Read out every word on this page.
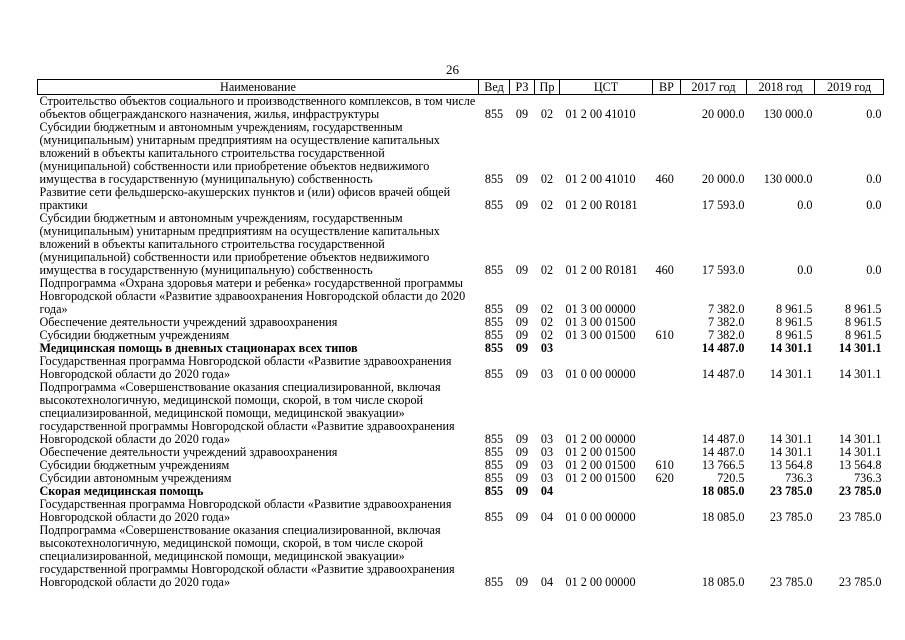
26
Наименование	Вед	РЗ	Пр	ЦСТ	ВР	2017 год	2018 год	2019 год
Строительство объектов социального и производственного комплексов, в том числе объектов общегражданского назначения, жилья, инфраструктуры	855	09	02	01 2 00 41010		20 000.0	130 000.0	0.0
Субсидии бюджетным и автономным учреждениям, государственным (муниципальным) унитарным предприятиям на осуществление капитальных вложений в объекты капитального строительства государственной (муниципальной) собственности или приобретение объектов недвижимого имущества в государственную (муниципальную) собственность	855	09	02	01 2 00 41010	460	20 000.0	130 000.0	0.0
Развитие сети фельдшерско-акушерских пунктов и (или) офисов врачей общей практики	855	09	02	01 2 00 R0181		17 593.0	0.0	0.0
Субсидии бюджетным и автономным учреждениям, государственным (муниципальным) унитарным предприятиям на осуществление капитальных вложений в объекты капитального строительства государственной (муниципальной) собственности или приобретение объектов недвижимого имущества в государственную (муниципальную) собственность	855	09	02	01 2 00 R0181	460	17 593.0	0.0	0.0
Подпрограмма «Охрана здоровья матери и ребенка» государственной программы Новгородской области «Развитие здравоохранения Новгородской области до 2020 года»	855	09	02	01 3 00 00000		7 382.0	8 961.5	8 961.5
Обеспечение деятельности учреждений здравоохранения	855	09	02	01 3 00 01500		7 382.0	8 961.5	8 961.5
Субсидии бюджетным учреждениям	855	09	02	01 3 00 01500	610	7 382.0	8 961.5	8 961.5
Медицинская помощь в дневных стационарах всех типов	855	09	03			14 487.0	14 301.1	14 301.1
Государственная программа Новгородской области «Развитие здравоохранения Новгородской области до 2020 года»	855	09	03	01 0 00 00000		14 487.0	14 301.1	14 301.1
Подпрограмма «Совершенствование оказания специализированной, включая высокотехнологичную, медицинской помощи, скорой, в том числе скорой специализированной, медицинской помощи, медицинской эвакуации» государственной программы Новгородской области «Развитие здравоохранения Новгородской области до 2020 года»	855	09	03	01 2 00 00000		14 487.0	14 301.1	14 301.1
Обеспечение деятельности учреждений здравоохранения	855	09	03	01 2 00 01500		14 487.0	14 301.1	14 301.1
Субсидии бюджетным учреждениям	855	09	03	01 2 00 01500	610	13 766.5	13 564.8	13 564.8
Субсидии автономным учреждениям	855	09	03	01 2 00 01500	620	720.5	736.3	736.3
Скорая медицинская помощь	855	09	04			18 085.0	23 785.0	23 785.0
Государственная программа Новгородской области «Развитие здравоохранения Новгородской области до 2020 года»	855	09	04	01 0 00 00000		18 085.0	23 785.0	23 785.0
Подпрограмма «Совершенствование оказания специализированной, включая высокотехнологичную, медицинской помощи, скорой, в том числе скорой специализированной, медицинской помощи, медицинской эвакуации» государственной программы Новгородской области «Развитие здравоохранения Новгородской области до 2020 года»	855	09	04	01 2 00 00000		18 085.0	23 785.0	23 785.0
